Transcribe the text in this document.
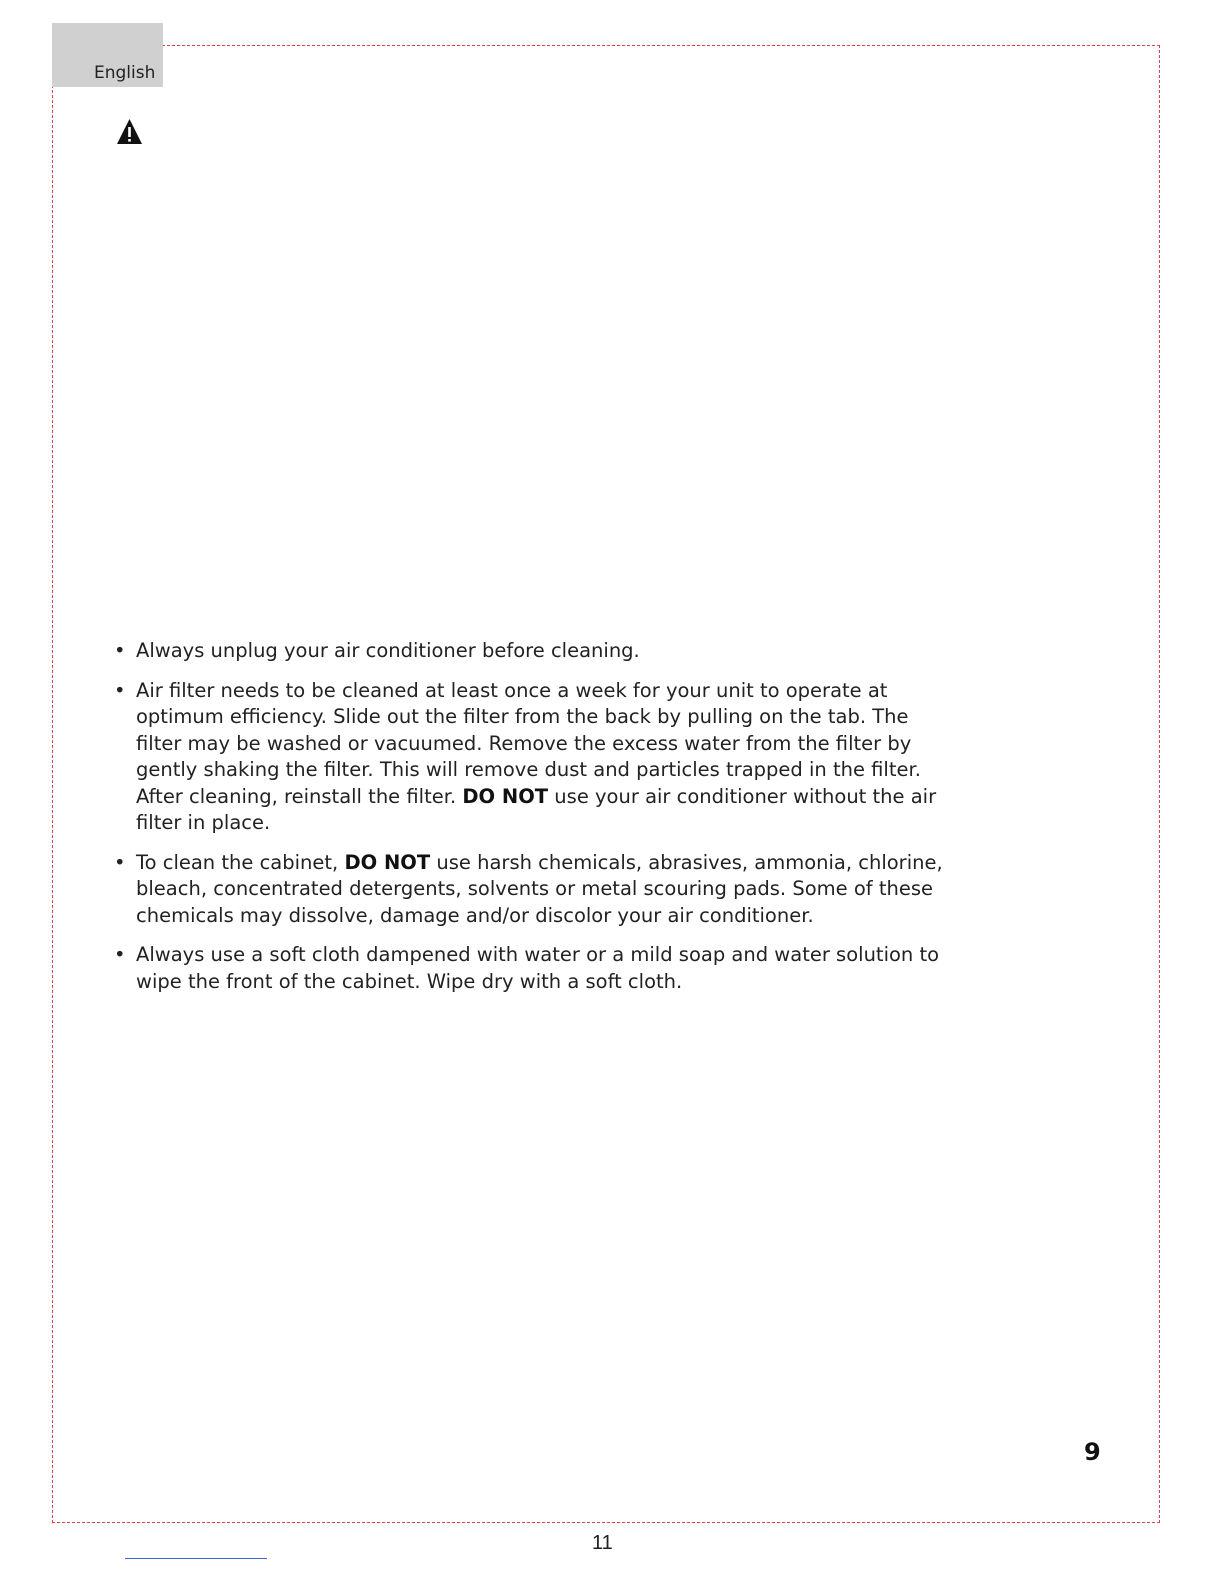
English
• Always unplug your air conditioner before cleaning.
• Air filter needs to be cleaned at least once a week for your unit to operate at optimum efficiency. Slide out the filter from the back by pulling on the tab. The filter may be washed or vacuumed. Remove the excess water from the filter by gently shaking the filter. This will remove dust and particles trapped in the filter. After cleaning, reinstall the filter. DO NOT use your air conditioner without the air filter in place.
• To clean the cabinet, DO NOT use harsh chemicals, abrasives, ammonia, chlorine, bleach, concentrated detergents, solvents or metal scouring pads. Some of these chemicals may dissolve, damage and/or discolor your air conditioner.
• Always use a soft cloth dampened with water or a mild soap and water solution to wipe the front of the cabinet. Wipe dry with a soft cloth.
9
11
